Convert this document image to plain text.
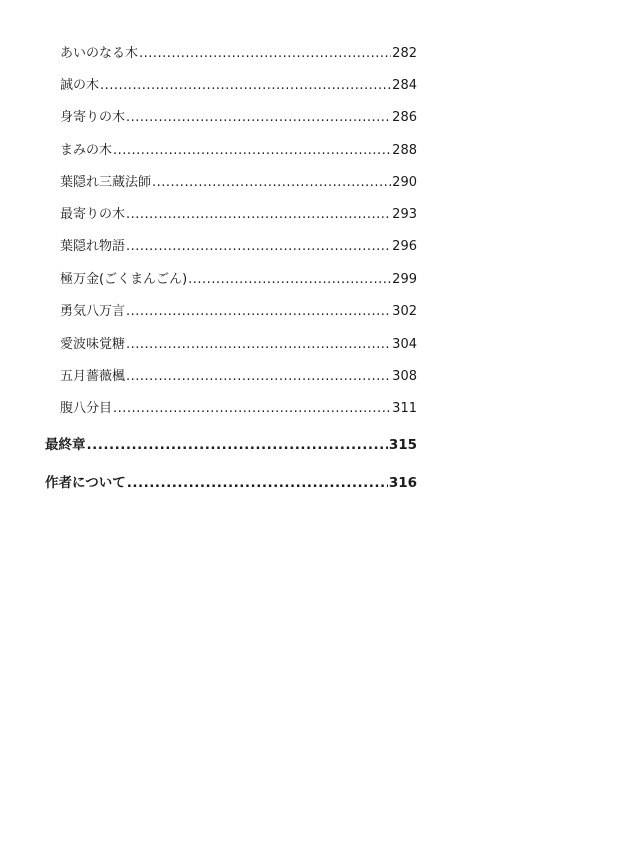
あいのなる木 .....	282
誠の木 .....	284
身寄りの木 .....	286
まみの木 .....	288
葉隠れ三蔵法師 .....	290
最寄りの木 .....	293
葉隠れ物語 .....	296
極万金(ごくまんごん) .....	299
勇気八万言 .....	302
愛波味覚糖 .....	304
五月薔薇楓 .....	308
腹八分目 .....	311
最終章 .....	315
作者について .....	316
